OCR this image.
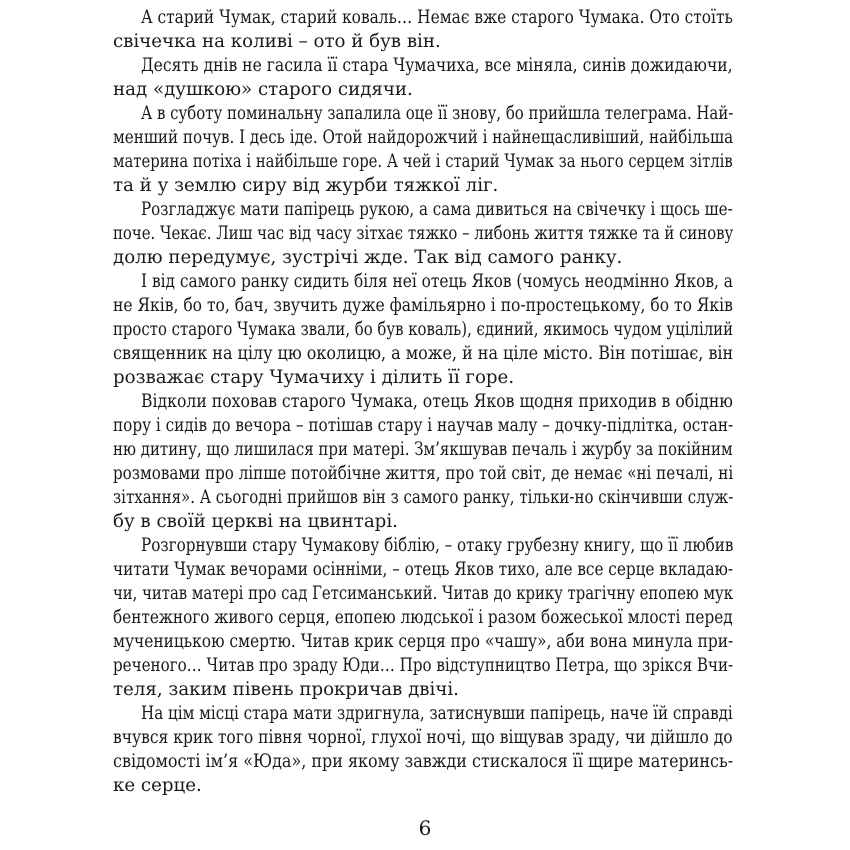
А старий Чумак, старий коваль… Немає вже старого Чумака. Ото стоїть
свічечка на коливі – ото й був він.
Десять днів не гасила її стара Чумачиха, все міняла, синів дожидаючи,
над «душкою» старого сидячи.
А в суботу поминальну запалила оце її знову, бо прийшла телеграма. Най-
менший почув. І десь іде. Отой найдорожчий і найнещасливіший, найбільша
материна потіха і найбільше горе. А чей і старий Чумак за нього серцем зітлів
та й у землю сиру від журби тяжкої ліг.
Розгладжує мати папірець рукою, а сама дивиться на свічечку і щось ше-
поче. Чекає. Лиш час від часу зітхає тяжко – либонь життя тяжке та й синову
долю передумує, зустрічі жде. Так від самого ранку.
І від самого ранку сидить біля неї отець Яков (чомусь неодмінно Яков, а
не Яків, бо то, бач, звучить дуже фамільярно і по-простецькому, бо то Яків
просто старого Чумака звали, бо був коваль), єдиний, якимось чудом уцілілий
священник на цілу цю околицю, а може, й на ціле місто. Він потішає, він
розважає стару Чумачиху і ділить її горе.
Відколи поховав старого Чумака, отець Яков щодня приходив в обідню
пору і сидів до вечора – потішав стару і научав малу – дочку-підлітка, остан-
ню дитину, що лишилася при матері. Зм’якшував печаль і журбу за покійним
розмовами про ліпше потойбічне життя, про той світ, де немає «ні печалі, ні
зітхання». А сьогодні прийшов він з самого ранку, тільки-но скінчивши служ-
бу в своїй церкві на цвинтарі.
Розгорнувши стару Чумакову біблію, – отаку грубезну книгу, що її любив
читати Чумак вечорами осінніми, – отець Яков тихо, але все серце вкладаю-
чи, читав матері про сад Гетсиманський. Читав до крику трагічну епопею мук
бентежного живого серця, епопею людської і разом божеської млості перед
мученицькою смертю. Читав крик серця про «чашу», аби вона минула при-
реченого… Читав про зраду Юди… Про відступництво Петра, що зрікся Вчи-
теля, заким півень прокричав двічі.
На цім місці стара мати здригнула, затиснувши папірець, наче їй справді
вчувся крик того півня чорної, глухої ночі, що віщував зраду, чи дійшло до
свідомості ім’я «Юда», при якому завжди стискалося її щире материнсь-
ке серце.
6
